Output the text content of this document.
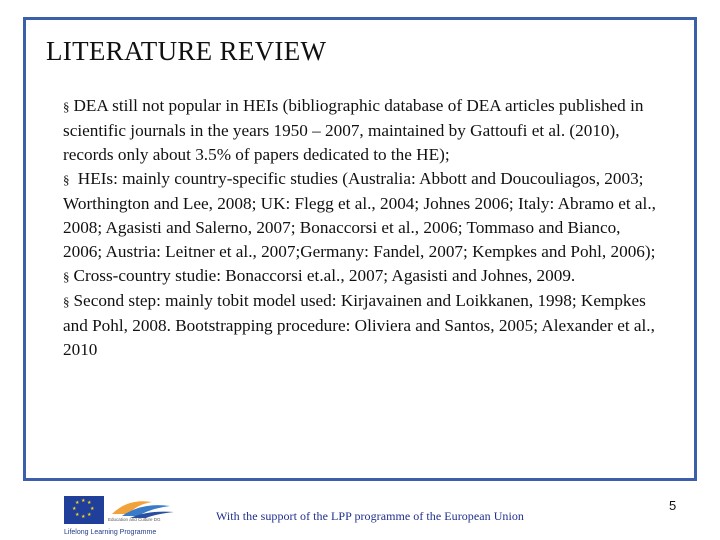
LITERATURE REVIEW

§ DEA still not popular in HEIs (bibliographic database of DEA articles published in scientific journals in the years 1950 – 2007, maintained by Gattoufi et al. (2010), records only about 3.5% of papers dedicated to the HE);

§ HEIs: mainly country-specific studies (Australia: Abbott and Doucouliagos, 2003; Worthington and Lee, 2008; UK: Flegg et al., 2004; Johnes 2006; Italy: Abramo et al., 2008; Agasisti and Salerno, 2007; Bonaccorsi et al., 2006; Tommaso and Bianco, 2006; Austria: Leitner et al., 2007;Germany: Fandel, 2007; Kempkes and Pohl, 2006);

§ Cross-country studie: Bonaccorsi et.al., 2007; Agasisti and Johnes, 2009.

§ Second step: mainly tobit model used: Kirjavainen and Loikkanen, 1998; Kempkes and Pohl, 2008. Bootstrapping procedure: Oliviera and Santos, 2005; Alexander et al., 2010

★ ★
★
★
★
★
★
★
Education and Culture DG
Lifelong Learning Programme
With the support of the LPP programme of the European Union
5
